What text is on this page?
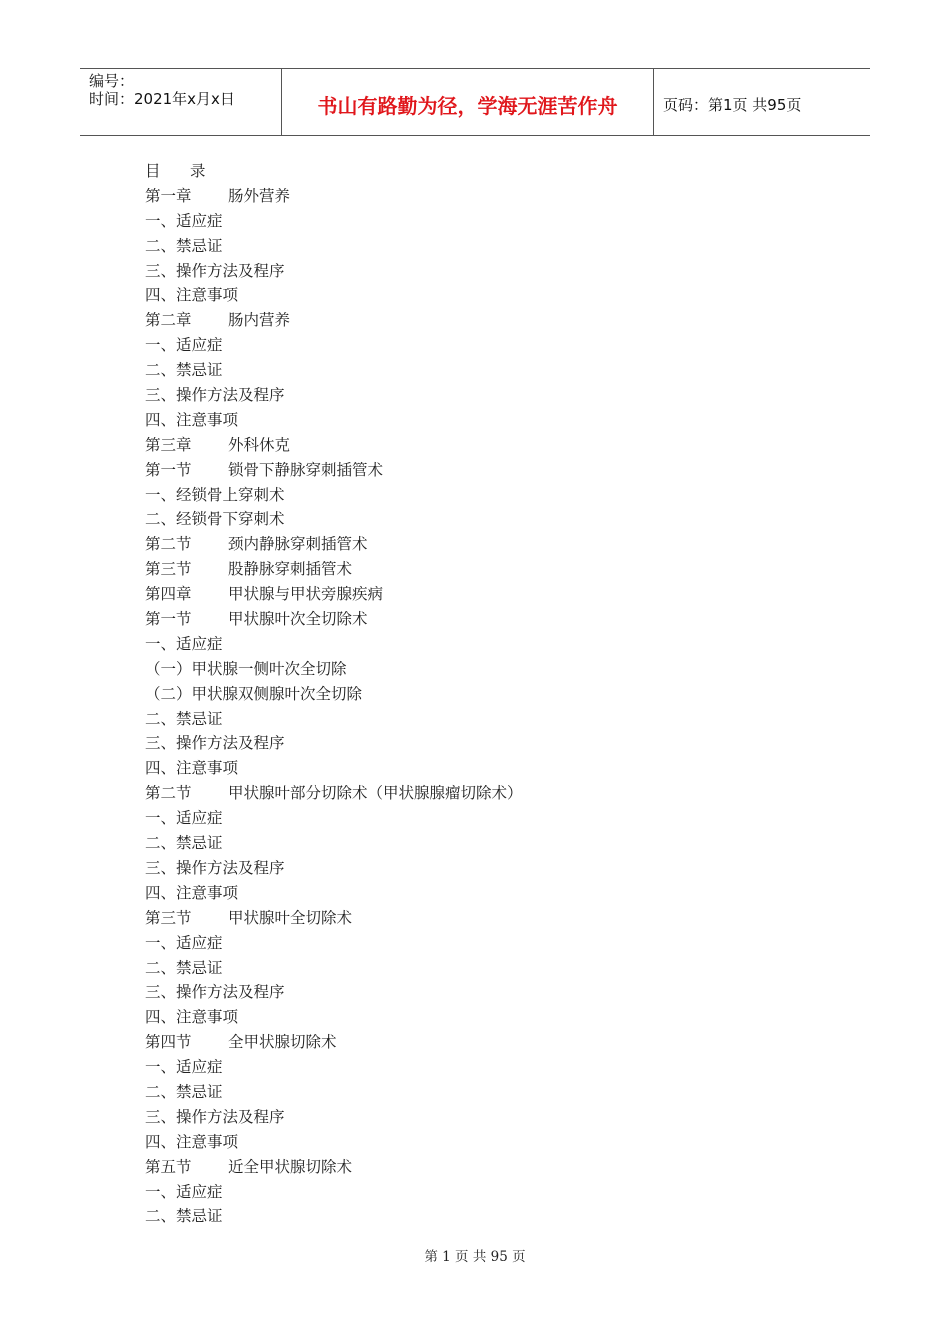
编号：
时间：2021年x月x日	书山有路勤为径，学海无涯苦作舟	页码：第1页 共95页
目      录
第一章 肠外营养
一、适应症
二、禁忌证
三、操作方法及程序
四、注意事项
第二章 肠内营养
一、适应症
二、禁忌证
三、操作方法及程序
四、注意事项
第三章 外科休克
第一节 锁骨下静脉穿刺插管术
一、经锁骨上穿刺术
二、经锁骨下穿刺术
第二节 颈内静脉穿刺插管术
第三节 股静脉穿刺插管术
第四章 甲状腺与甲状旁腺疾病
第一节 甲状腺叶次全切除术
一、适应症
（一）甲状腺一侧叶次全切除
（二）甲状腺双侧腺叶次全切除
二、禁忌证
三、操作方法及程序
四、注意事项
第二节 甲状腺叶部分切除术（甲状腺腺瘤切除术）
一、适应症
二、禁忌证
三、操作方法及程序
四、注意事项
第三节 甲状腺叶全切除术
一、适应症
二、禁忌证
三、操作方法及程序
四、注意事项
第四节 全甲状腺切除术
一、适应症
二、禁忌证
三、操作方法及程序
四、注意事项
第五节 近全甲状腺切除术
一、适应症
二、禁忌证
第 1 页 共 95 页
